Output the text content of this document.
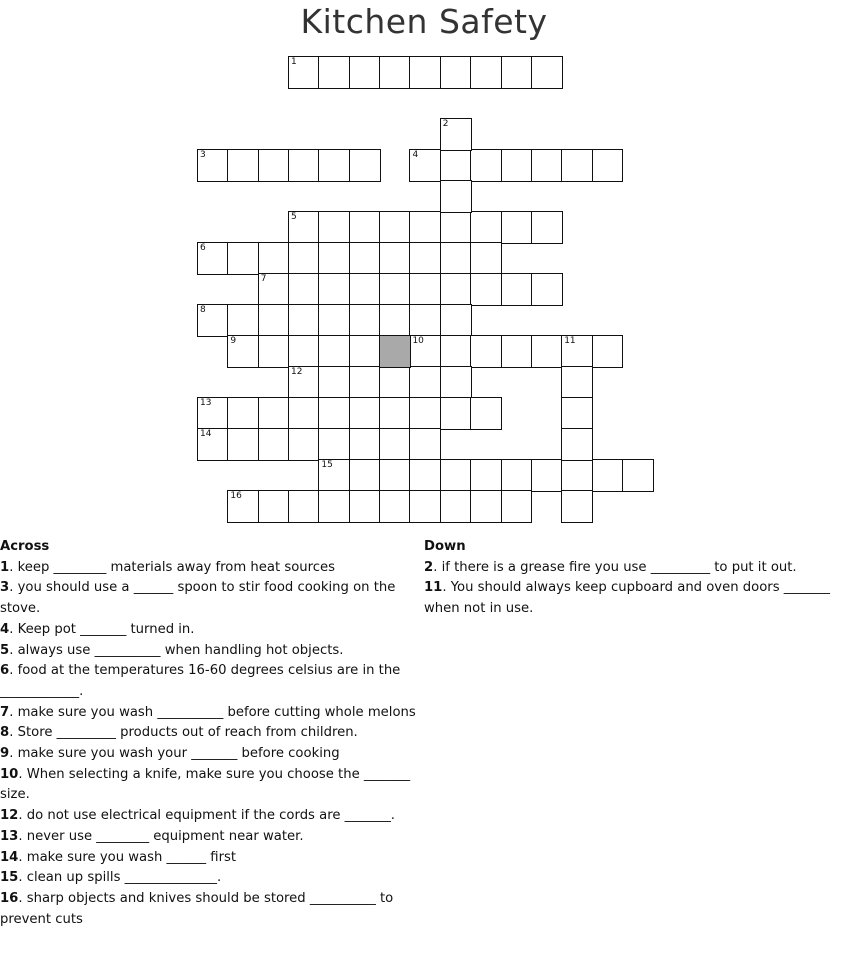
Kitchen Safety
1
3	4
5
6
7
8
9	10	11
12
13
14
15
16
2
Across
1. keep ________ materials away from heat sources
3. you should use a ______ spoon to stir food cooking on the stove.
4. Keep pot _______ turned in.
5. always use __________ when handling hot objects.
6. food at the temperatures 16-60 degrees celsius are in the ____________.
7. make sure you wash __________ before cutting whole melons
8. Store _________ products out of reach from children.
9. make sure you wash your _______ before cooking
10. When selecting a knife, make sure you choose the _______ size.
12. do not use electrical equipment if the cords are _______.
13. never use ________ equipment near water.
14. make sure you wash ______ first
15. clean up spills ______________.
16. sharp objects and knives should be stored __________ to prevent cuts
Down
2. if there is a grease fire you use _________ to put it out.
11. You should always keep cupboard and oven doors _______ when not in use.
